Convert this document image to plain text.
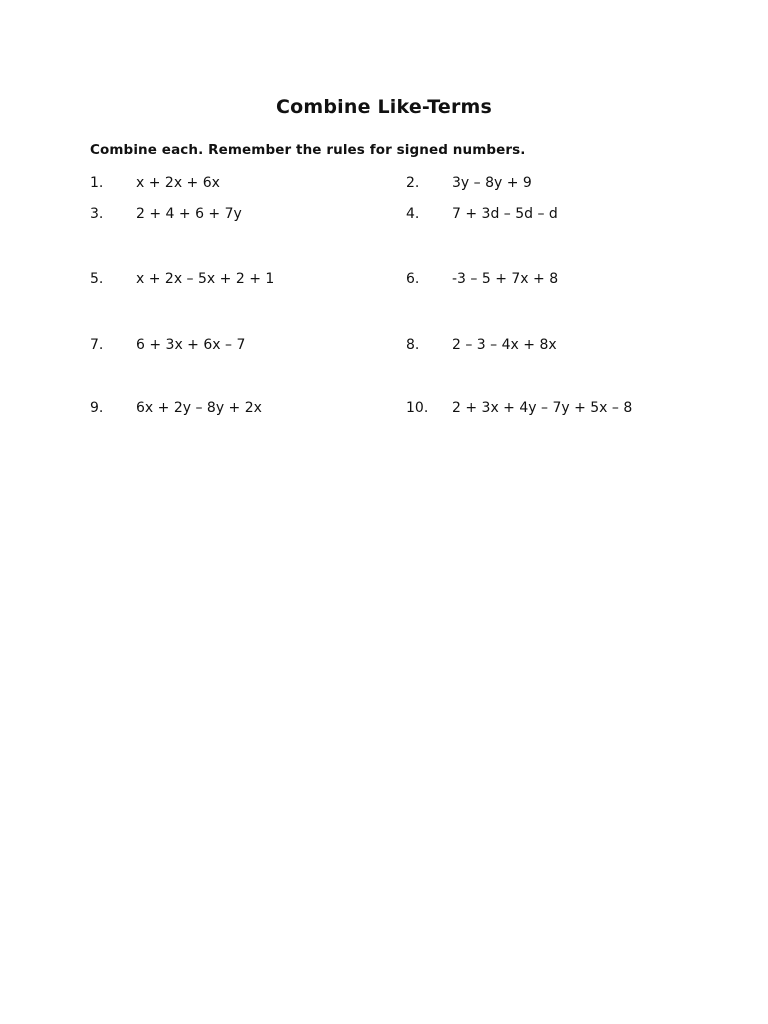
Combine Like-Terms
Combine each. Remember the rules for signed numbers.
1. x + 2x + 6x	2. 3y – 8y + 9
3. 2 + 4 + 6 + 7y	4. 7 + 3d – 5d – d
5. x + 2x – 5x + 2 + 1	6. -3 – 5 + 7x + 8
7. 6 + 3x + 6x – 7	8. 2 – 3 – 4x + 8x
9. 6x + 2y – 8y + 2x	10. 2 + 3x + 4y – 7y + 5x – 8
